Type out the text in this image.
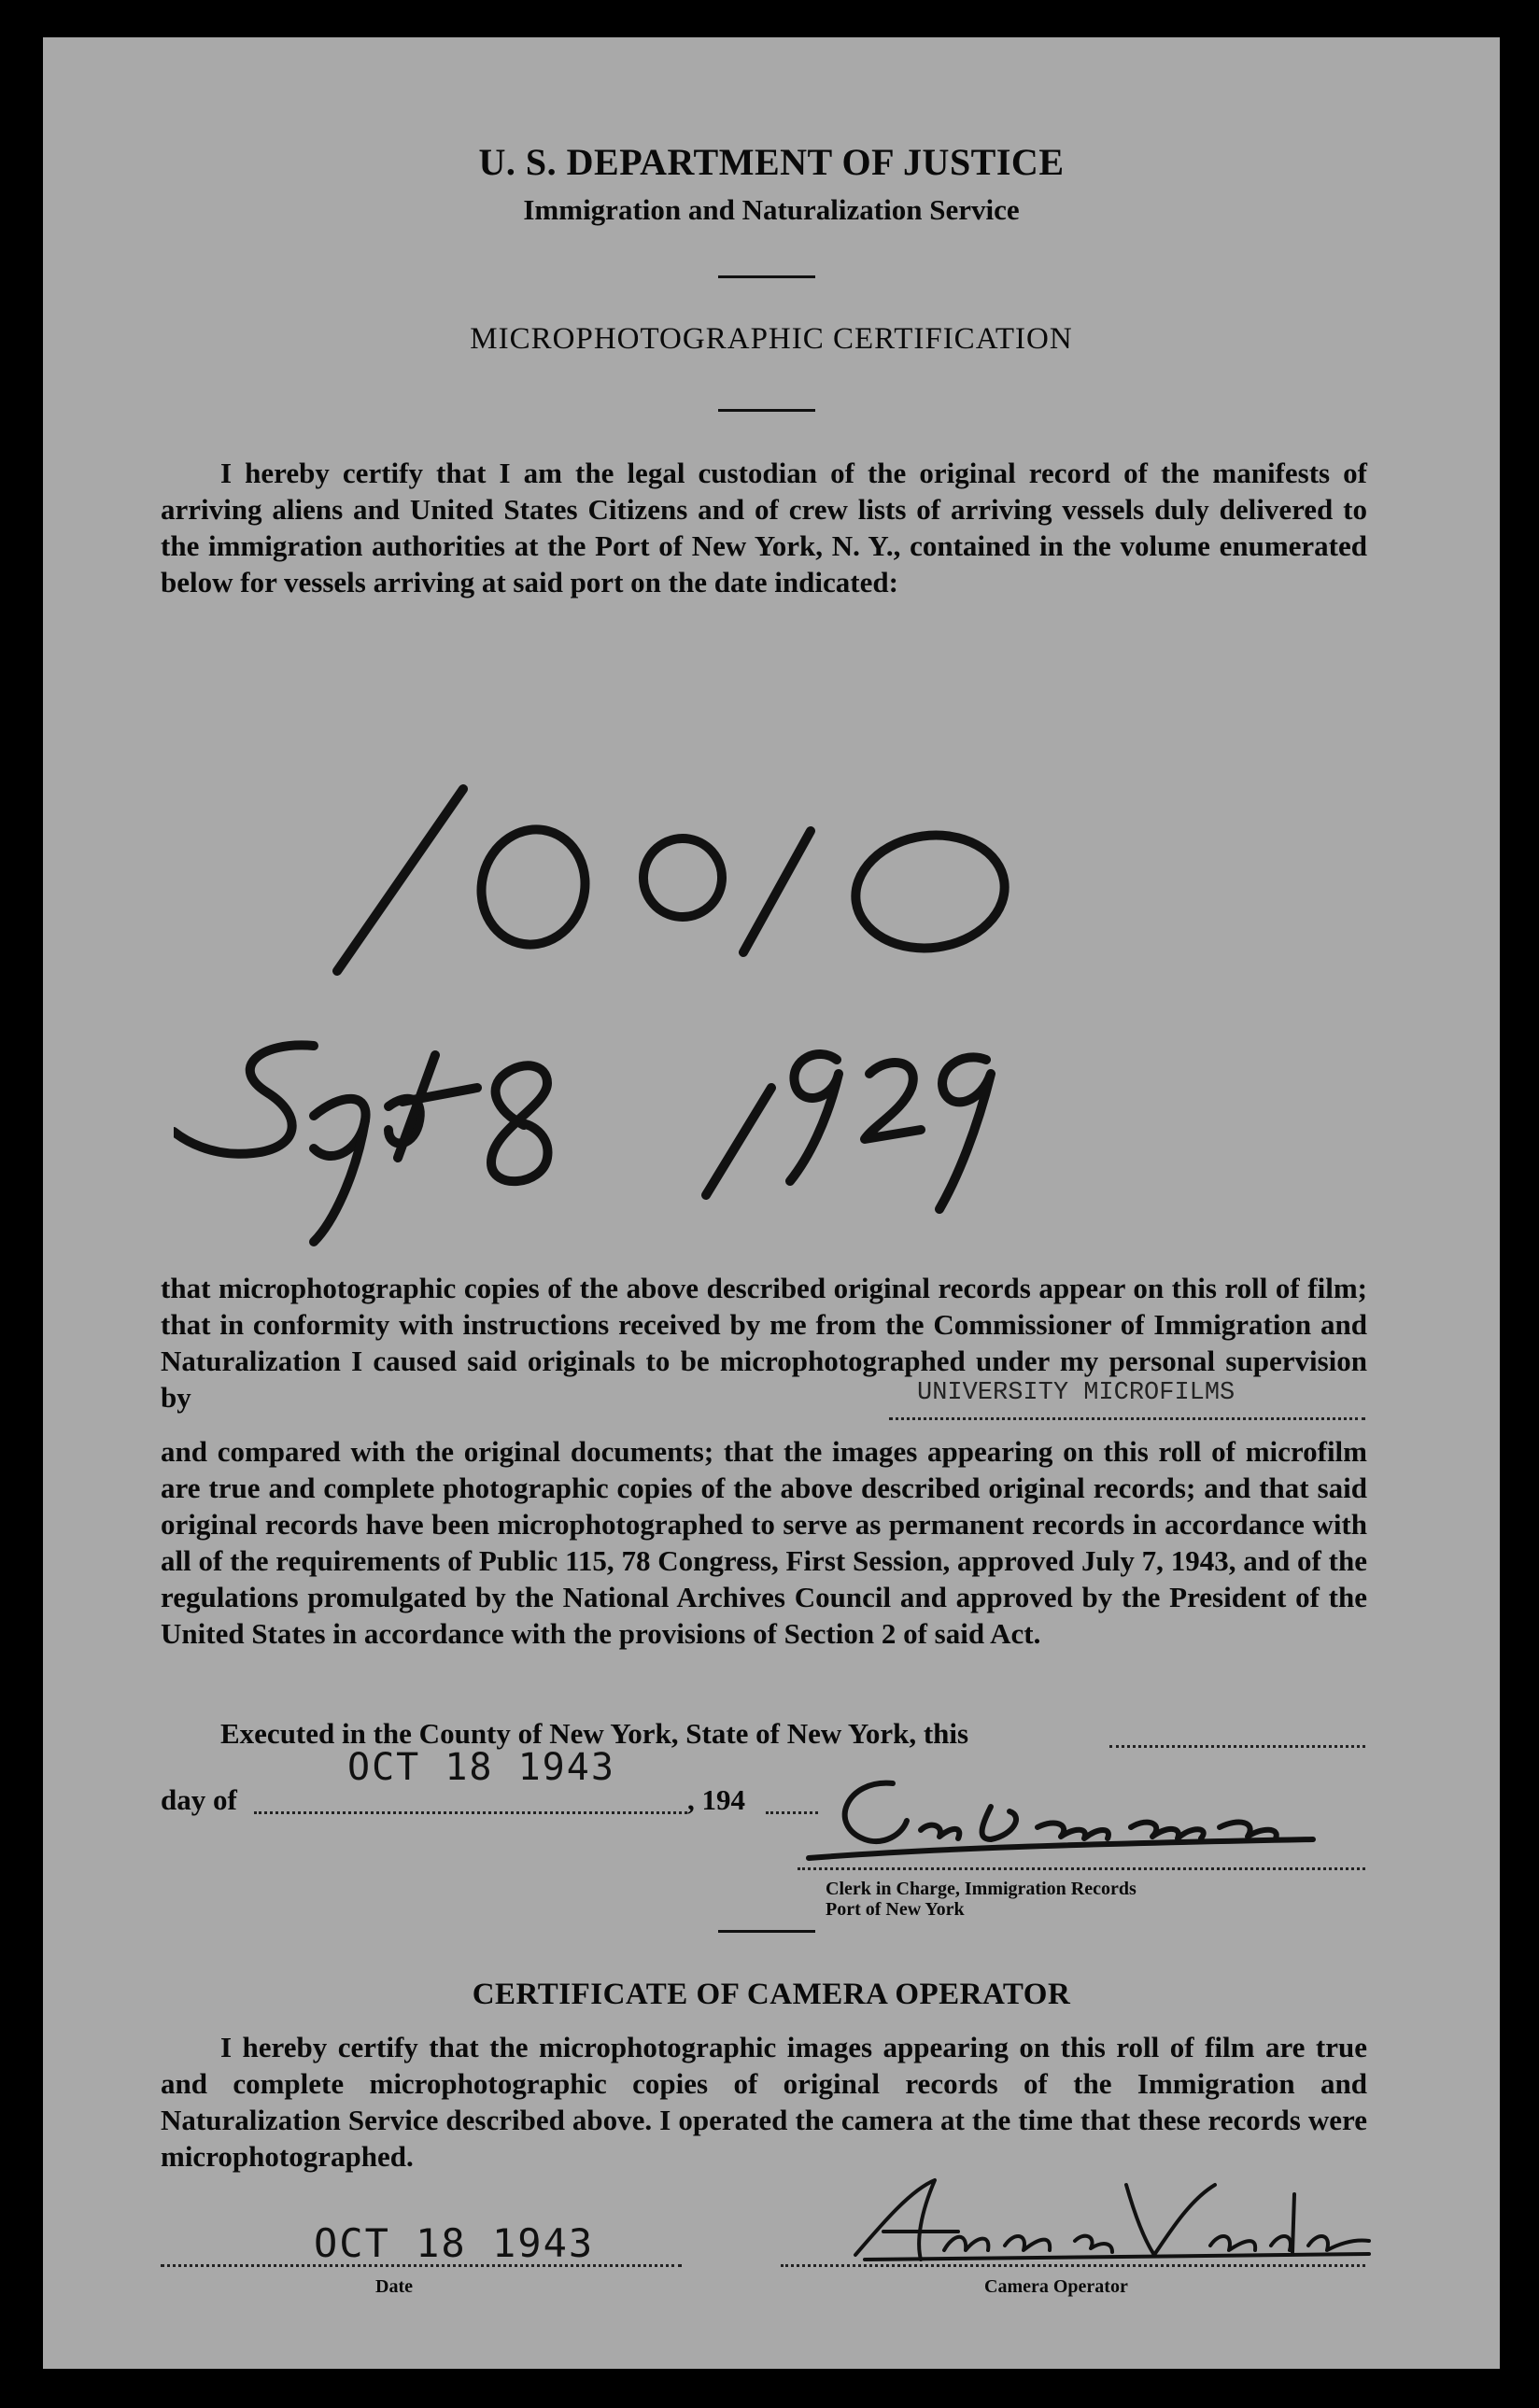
U. S. DEPARTMENT OF JUSTICE
Immigration and Naturalization Service
MICROPHOTOGRAPHIC CERTIFICATION

I hereby certify that I am the legal custodian of the original record of the manifests of arriving aliens and United States Citizens and of crew lists of arriving vessels duly delivered to the immigration authorities at the Port of New York, N. Y., contained in the volume enumerated below for vessels arriving at said port on the date indicated:

that microphotographic copies of the above described original records appear on this roll of film; that in conformity with instructions received by me from the Commissioner of Immigration and Naturalization I caused said originals to be microphotographed under my personal supervision by	UNIVERSITY MICROFILMS

and compared with the original documents; that the images appearing on this roll of microfilm are true and complete photographic copies of the above described original records; and that said original records have been microphotographed to serve as permanent records in accordance with all of the requirements of Public 115, 78 Congress, First Session, approved July 7, 1943, and of the regulations promulgated by the National Archives Council and approved by the President of the United States in accordance with the provisions of Section 2 of said Act.

Executed in the County of New York, State of New York, this

day of	, 194
OCT 18 1943
Clerk in Charge, Immigration Records
Port of New York
CERTIFICATE OF CAMERA OPERATOR

I hereby certify that the microphotographic images appearing on this roll of film are true and complete microphotographic copies of original records of the Immigration and Naturalization Service described above. I operated the camera at the time that these records were microphotographed.

OCT 18 1943
Date	Camera Operator
